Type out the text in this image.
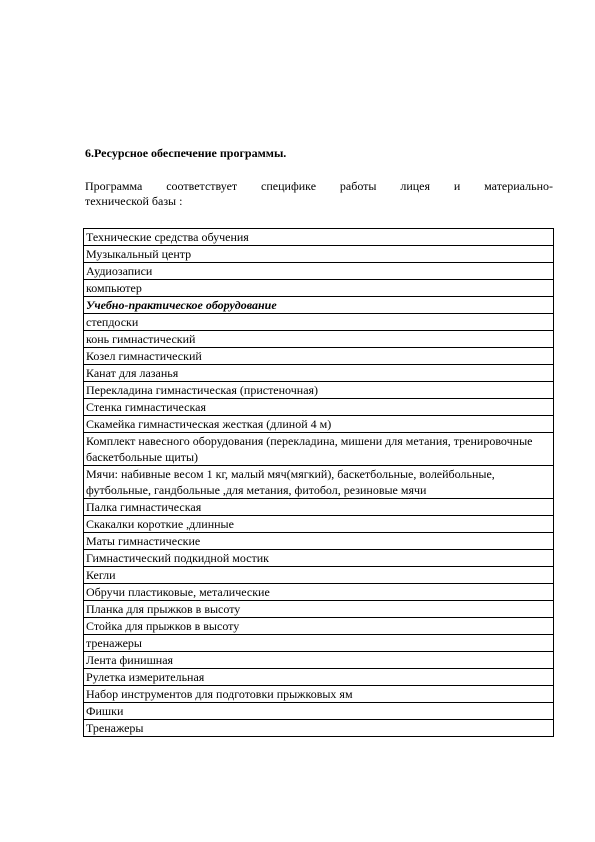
6.Ресурсное обеспечение программы.
Программа соответствует специфике работы лицея и материально-
технической базы :
Технические средства обучения
Музыкальный центр
Аудиозаписи
компьютер
Учебно-практическое оборудование
степдоски
конь гимнастический
Козел гимнастический
Канат для лазанья
Перекладина гимнастическая (пристеночная)
Стенка гимнастическая
Скамейка гимнастическая жесткая (длиной 4 м)
Комплект навесного оборудования (перекладина, мишени для метания, тренировочные баскетбольные щиты)
Мячи: набивные весом 1 кг, малый мяч(мягкий), баскетбольные, волейбольные, футбольные, гандбольные ,для метания, фитобол, резиновые мячи
Палка гимнастическая
Скакалки короткие ,длинные
Маты гимнастические
Гимнастический подкидной мостик
Кегли
Обручи пластиковые, металические
Планка для прыжков в высоту
Стойка для прыжков в высоту
тренажеры
Лента финишная
Рулетка измерительная
Набор инструментов для подготовки прыжковых ям
Фишки
Тренажеры
